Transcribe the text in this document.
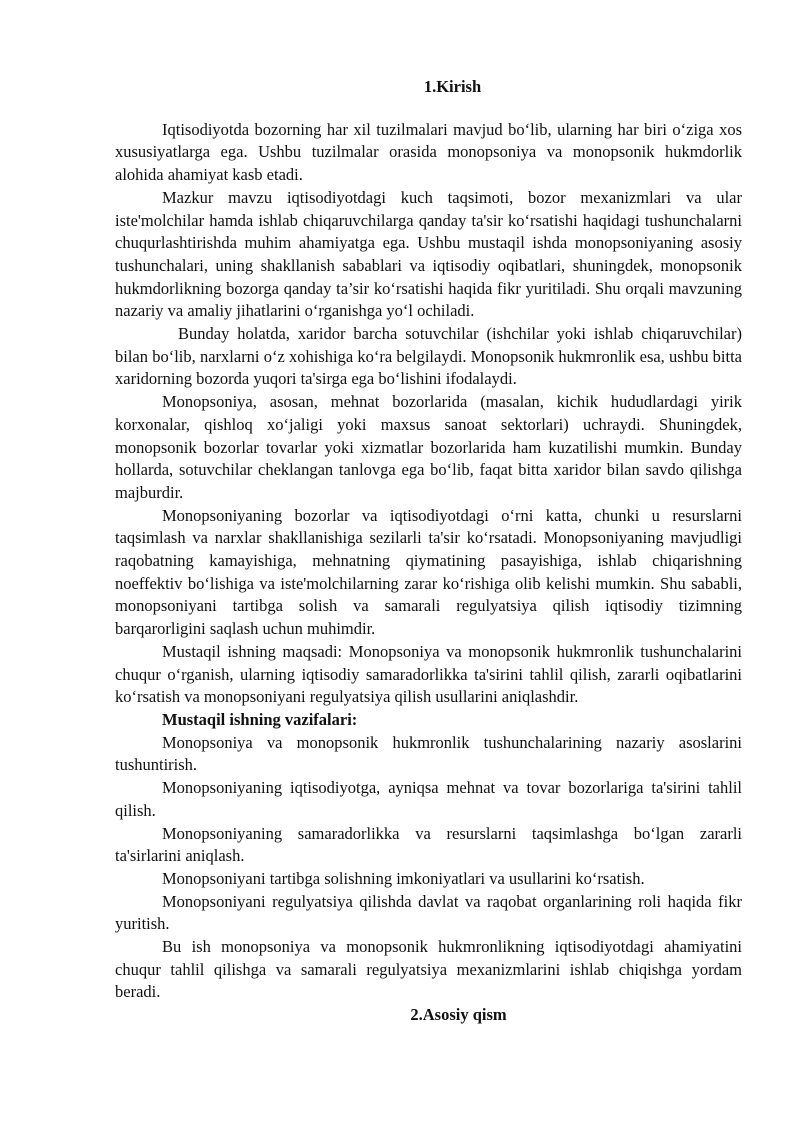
1.Kirish

Iqtisodiyotda bozorning har xil tuzilmalari mavjud boʻlib, ularning har biri oʻziga xos xususiyatlarga ega. Ushbu tuzilmalar orasida monopsoniya va monopsonik hukmdorlik alohida ahamiyat kasb etadi.

Mazkur mavzu iqtisodiyotdagi kuch taqsimoti, bozor mexanizmlari va ular iste'molchilar hamda ishlab chiqaruvchilarga qanday ta'sir koʻrsatishi haqidagi tushunchalarni chuqurlashtirishda muhim ahamiyatga ega. Ushbu mustaqil ishda monopsoniyaning asosiy tushunchalari, uning shakllanish sabablari va iqtisodiy oqibatlari, shuningdek, monopsonik hukmdorlikning bozorga qanday ta’sir koʻrsatishi haqida fikr yuritiladi. Shu orqali mavzuning nazariy va amaliy jihatlarini oʻrganishga yoʻl ochiladi.

Bunday holatda, xaridor barcha sotuvchilar (ishchilar yoki ishlab chiqaruvchilar) bilan boʻlib, narxlarni oʻz xohishiga koʻra belgilaydi. Monopsonik hukmronlik esa, ushbu bitta xaridorning bozorda yuqori ta'sirga ega boʻlishini ifodalaydi.

Monopsoniya, asosan, mehnat bozorlarida (masalan, kichik hududlardagi yirik korxonalar, qishloq xoʻjaligi yoki maxsus sanoat sektorlari) uchraydi. Shuningdek, monopsonik bozorlar tovarlar yoki xizmatlar bozorlarida ham kuzatilishi mumkin. Bunday hollarda, sotuvchilar cheklangan tanlovga ega boʻlib, faqat bitta xaridor bilan savdo qilishga majburdir.

Monopsoniyaning bozorlar va iqtisodiyotdagi oʻrni katta, chunki u resurslarni taqsimlash va narxlar shakllanishiga sezilarli ta'sir koʻrsatadi. Monopsoniyaning mavjudligi raqobatning kamayishiga, mehnatning qiymatining pasayishiga, ishlab chiqarishning noeffektiv boʻlishiga va iste'molchilarning zarar koʻrishiga olib kelishi mumkin. Shu sababli, monopsoniyani tartibga solish va samarali regulyatsiya qilish iqtisodiy tizimning barqarorligini saqlash uchun muhimdir.

Mustaqil ishning maqsadi: Monopsoniya va monopsonik hukmronlik tushunchalarini chuqur oʻrganish, ularning iqtisodiy samaradorlikka ta'sirini tahlil qilish, zararli oqibatlarini koʻrsatish va monopsoniyani regulyatsiya qilish usullarini aniqlashdir.

Mustaqil ishning vazifalari:

Monopsoniya va monopsonik hukmronlik tushunchalarining nazariy asoslarini tushuntirish.

Monopsoniyaning iqtisodiyotga, ayniqsa mehnat va tovar bozorlariga ta'sirini tahlil qilish.

Monopsoniyaning samaradorlikka va resurslarni taqsimlashga boʻlgan zararli ta'sirlarini aniqlash.

Monopsoniyani tartibga solishning imkoniyatlari va usullarini koʻrsatish.

Monopsoniyani regulyatsiya qilishda davlat va raqobat organlarining roli haqida fikr yuritish.

Bu ish monopsoniya va monopsonik hukmronlikning iqtisodiyotdagi ahamiyatini chuqur tahlil qilishga va samarali regulyatsiya mexanizmlarini ishlab chiqishga yordam beradi.

2.Asosiy qism
